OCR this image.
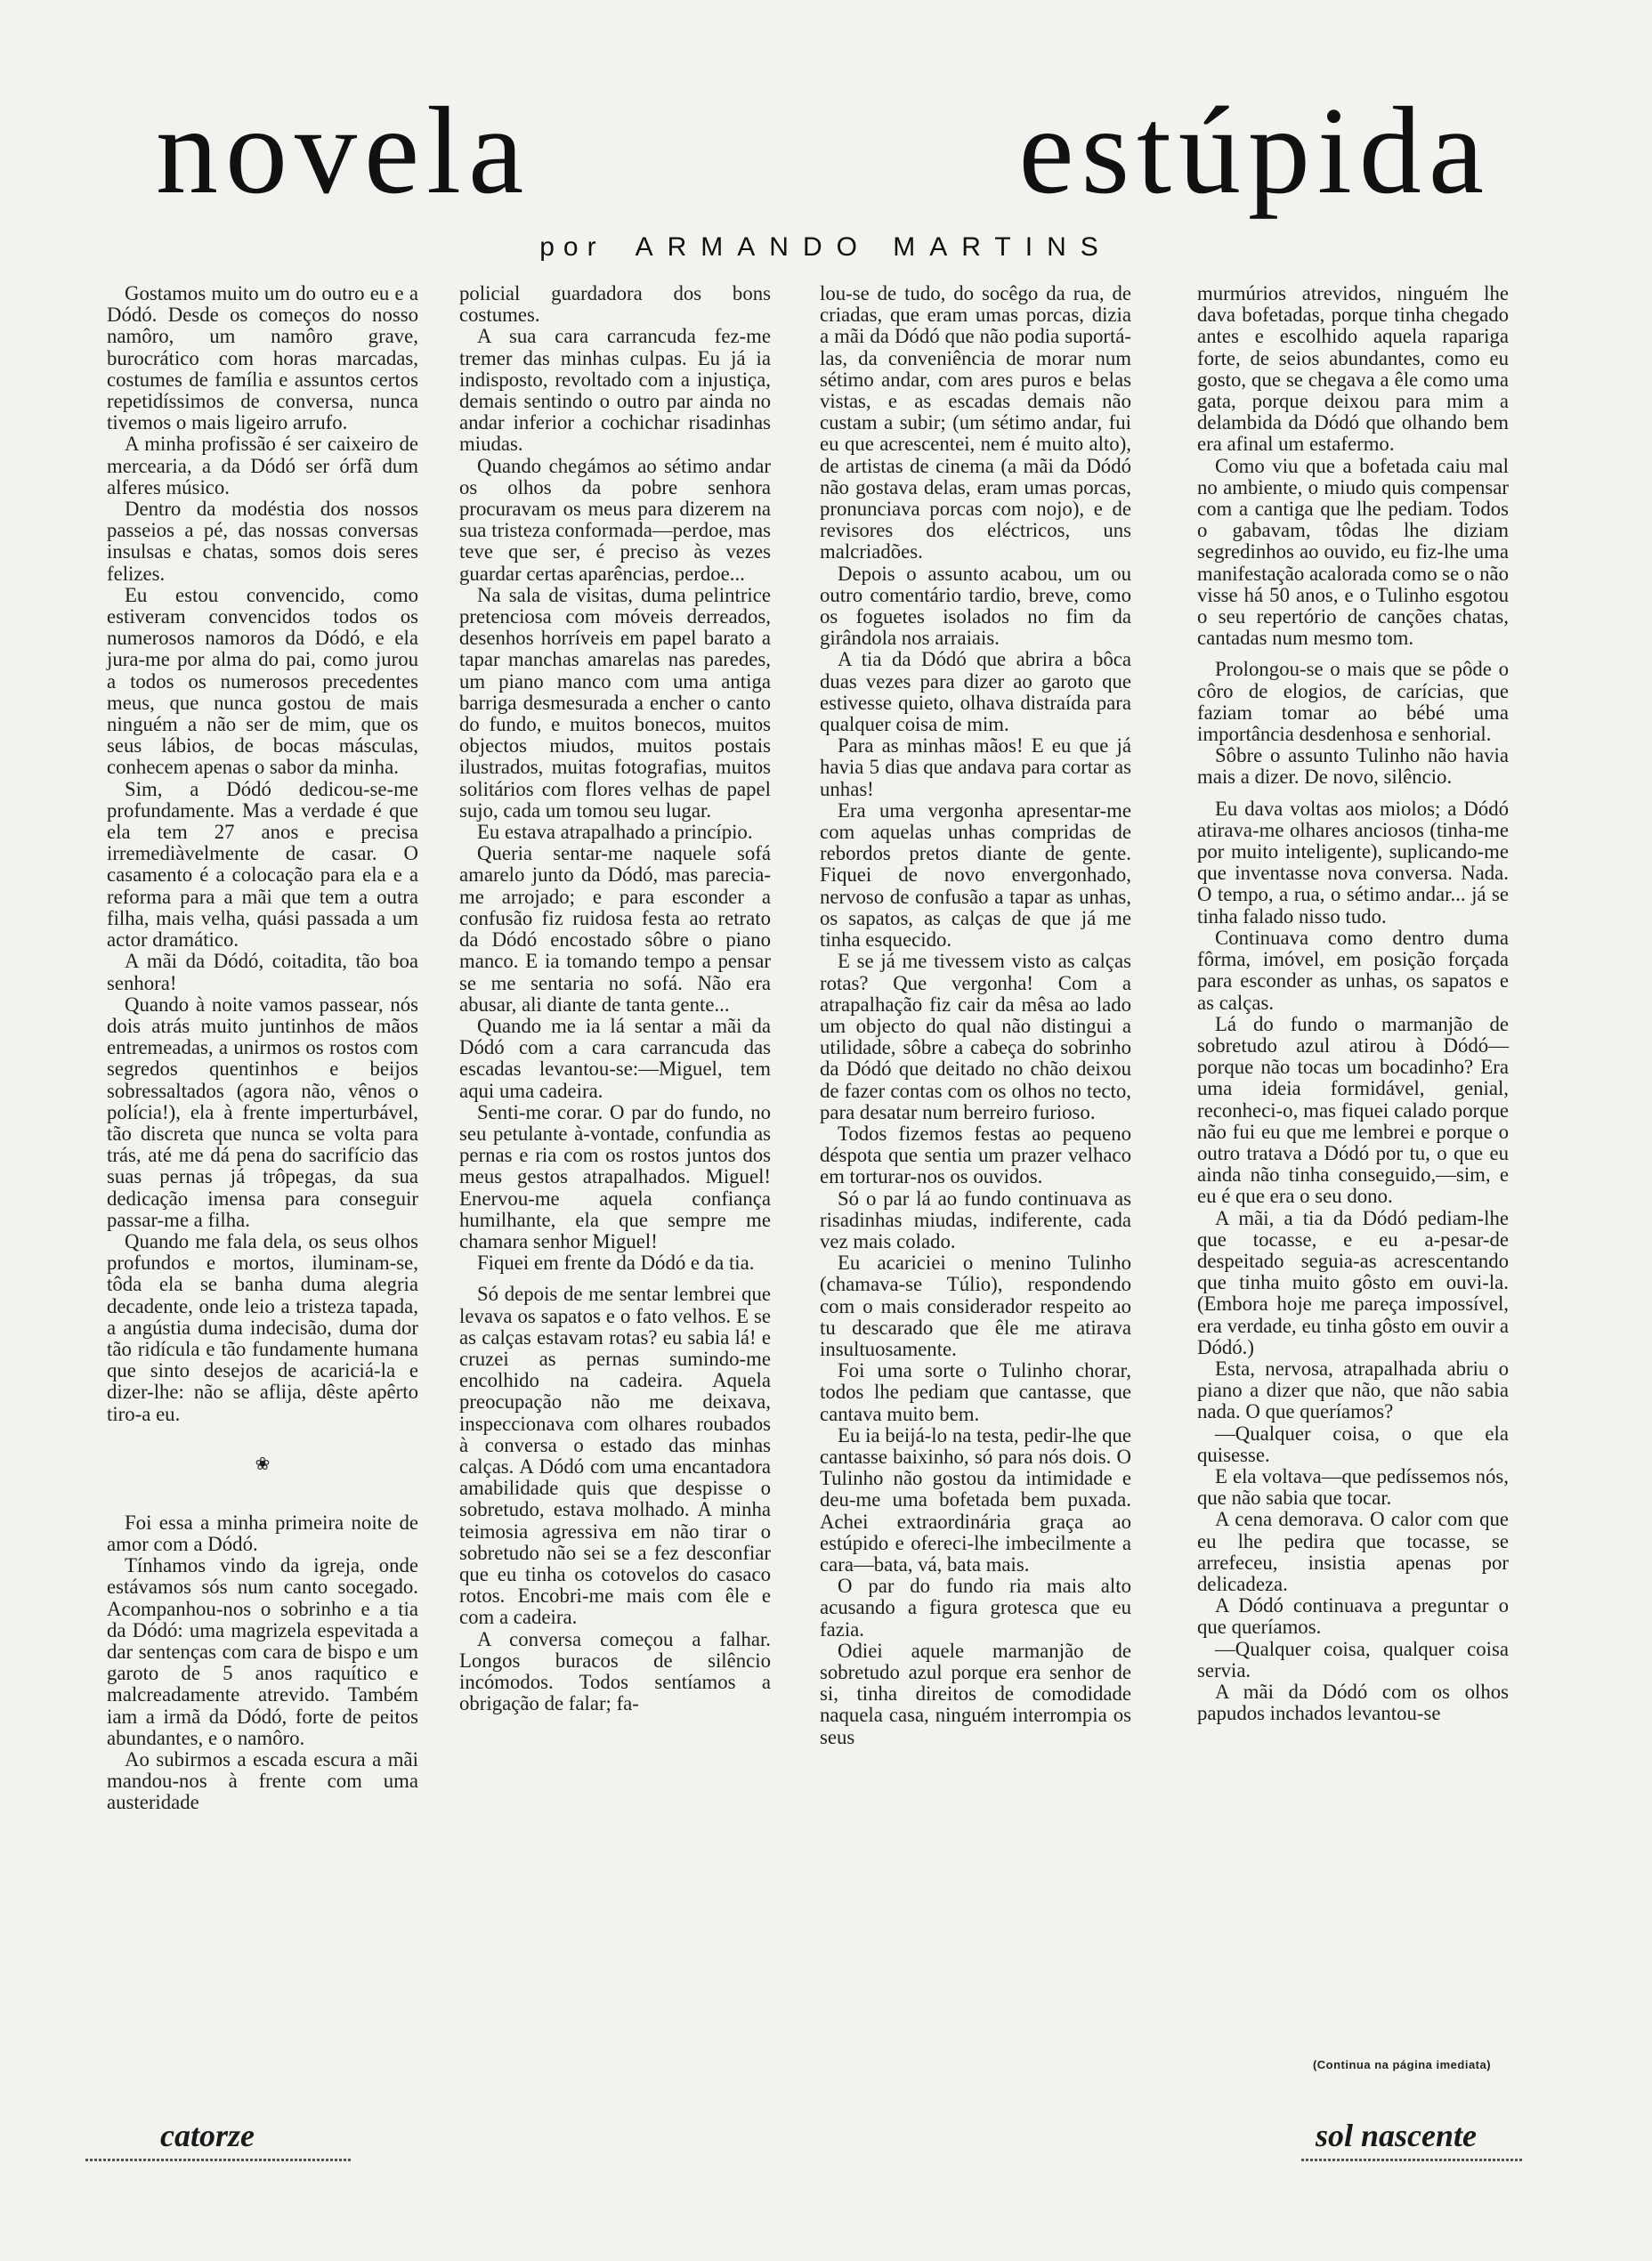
novela estúpida
por ARMANDO MARTINS

Gostamos muito um do outro eu e a Dódó. Desde os começos do nosso namôro, um namôro grave, burocrático com horas marcadas, costumes de família e assuntos certos repetidíssimos de conversa, nunca tivemos o mais ligeiro arrufo.

A minha profissão é ser caixeiro de mercearia, a da Dódó ser órfã dum alferes músico.

Dentro da modéstia dos nossos passeios a pé, das nossas conversas insulsas e chatas, somos dois seres felizes.

Eu estou convencido, como estiveram convencidos todos os numerosos namoros da Dódó, e ela jura-me por alma do pai, como jurou a todos os numerosos precedentes meus, que nunca gostou de mais ninguém a não ser de mim, que os seus lábios, de bocas másculas, conhecem apenas o sabor da minha.

Sim, a Dódó dedicou-se-me profundamente. Mas a verdade é que ela tem 27 anos e precisa irremediàvelmente de casar. O casamento é a colocação para ela e a reforma para a mãi que tem a outra filha, mais velha, quási passada a um actor dramático.

A mãi da Dódó, coitadita, tão boa senhora!

Quando à noite vamos passear, nós dois atrás muito juntinhos de mãos entremeadas, a unirmos os rostos com segredos quentinhos e beijos sobressaltados (agora não, vênos o polícia!), ela à frente imperturbável, tão discreta que nunca se volta para trás, até me dá pena do sacrifício das suas pernas já trôpegas, da sua dedicação imensa para conseguir passar-me a filha.

Quando me fala dela, os seus olhos profundos e mortos, iluminam-se, tôda ela se banha duma alegria decadente, onde leio a tristeza tapada, a angústia duma indecisão, duma dor tão ridícula e tão fundamente humana que sinto desejos de acariciá-la e dizer-lhe: não se aflija, dêste apêrto tiro-a eu.

❀

Foi essa a minha primeira noite de amor com a Dódó.

Tínhamos vindo da igreja, onde estávamos sós num canto socegado. Acompanhou-nos o sobrinho e a tia da Dódó: uma magrizela espevitada a dar sentenças com cara de bispo e um garoto de 5 anos raquítico e malcreadamente atrevido. Também iam a irmã da Dódó, forte de peitos abundantes, e o namôro.

Ao subirmos a escada escura a mãi mandou-nos à frente com uma austeridade

policial guardadora dos bons costumes.

A sua cara carrancuda fez-me tremer das minhas culpas. Eu já ia indisposto, revoltado com a injustiça, demais sentindo o outro par ainda no andar inferior a cochichar risadinhas miudas.

Quando chegámos ao sétimo andar os olhos da pobre senhora procuravam os meus para dizerem na sua tristeza conformada—perdoe, mas teve que ser, é preciso às vezes guardar certas aparências, perdoe...

Na sala de visitas, duma pelintrice pretenciosa com móveis derreados, desenhos horríveis em papel barato a tapar manchas amarelas nas paredes, um piano manco com uma antiga barriga desmesurada a encher o canto do fundo, e muitos bonecos, muitos objectos miudos, muitos postais ilustrados, muitas fotografias, muitos solitários com flores velhas de papel sujo, cada um tomou seu lugar.

Eu estava atrapalhado a princípio.

Queria sentar-me naquele sofá amarelo junto da Dódó, mas parecia-me arrojado; e para esconder a confusão fiz ruidosa festa ao retrato da Dódó encostado sôbre o piano manco. E ia tomando tempo a pensar se me sentaria no sofá. Não era abusar, ali diante de tanta gente...

Quando me ia lá sentar a mãi da Dódó com a cara carrancuda das escadas levantou-se:—Miguel, tem aqui uma cadeira.

Senti-me corar. O par do fundo, no seu petulante à-vontade, confundia as pernas e ria com os rostos juntos dos meus gestos atrapalhados. Miguel! Enervou-me aquela confiança humilhante, ela que sempre me chamara senhor Miguel!

Fiquei em frente da Dódó e da tia.

Só depois de me sentar lembrei que levava os sapatos e o fato velhos. E se as calças estavam rotas? eu sabia lá! e cruzei as pernas sumindo-me encolhido na cadeira. Aquela preocupação não me deixava, inspeccionava com olhares roubados à conversa o estado das minhas calças. A Dódó com uma encantadora amabilidade quis que despisse o sobretudo, estava molhado. A minha teimosia agressiva em não tirar o sobretudo não sei se a fez desconfiar que eu tinha os cotovelos do casaco rotos. Encobri-me mais com êle e com a cadeira.

A conversa começou a falhar. Longos buracos de silêncio incómodos. Todos sentíamos a obrigação de falar; fa-

lou-se de tudo, do socêgo da rua, de criadas, que eram umas porcas, dizia a mãi da Dódó que não podia suportá-las, da conveniência de morar num sétimo andar, com ares puros e belas vistas, e as escadas demais não custam a subir; (um sétimo andar, fui eu que acrescentei, nem é muito alto), de artistas de cinema (a mãi da Dódó não gostava delas, eram umas porcas, pronunciava porcas com nojo), e de revisores dos eléctricos, uns malcriadões.

Depois o assunto acabou, um ou outro comentário tardio, breve, como os foguetes isolados no fim da girândola nos arraiais.

A tia da Dódó que abrira a bôca duas vezes para dizer ao garoto que estivesse quieto, olhava distraída para qualquer coisa de mim.

Para as minhas mãos! E eu que já havia 5 dias que andava para cortar as unhas!

Era uma vergonha apresentar-me com aquelas unhas compridas de rebordos pretos diante de gente. Fiquei de novo envergonhado, nervoso de confusão a tapar as unhas, os sapatos, as calças de que já me tinha esquecido.

E se já me tivessem visto as calças rotas? Que vergonha! Com a atrapalhação fiz cair da mêsa ao lado um objecto do qual não distingui a utilidade, sôbre a cabeça do sobrinho da Dódó que deitado no chão deixou de fazer contas com os olhos no tecto, para desatar num berreiro furioso.

Todos fizemos festas ao pequeno déspota que sentia um prazer velhaco em torturar-nos os ouvidos.

Só o par lá ao fundo continuava as risadinhas miudas, indiferente, cada vez mais colado.

Eu acariciei o menino Tulinho (chamava-se Túlio), respondendo com o mais considerador respeito ao tu descarado que êle me atirava insultuosamente.

Foi uma sorte o Tulinho chorar, todos lhe pediam que cantasse, que cantava muito bem.

Eu ia beijá-lo na testa, pedir-lhe que cantasse baixinho, só para nós dois. O Tulinho não gostou da intimidade e deu-me uma bofetada bem puxada. Achei extraordinária graça ao estúpido e ofereci-lhe imbecilmente a cara—bata, vá, bata mais.

O par do fundo ria mais alto acusando a figura grotesca que eu fazia.

Odiei aquele marmanjão de sobretudo azul porque era senhor de si, tinha direitos de comodidade naquela casa, ninguém interrompia os seus

murmúrios atrevidos, ninguém lhe dava bofetadas, porque tinha chegado antes e escolhido aquela rapariga forte, de seios abundantes, como eu gosto, que se chegava a êle como uma gata, porque deixou para mim a delambida da Dódó que olhando bem era afinal um estafermo.

Como viu que a bofetada caiu mal no ambiente, o miudo quis compensar com a cantiga que lhe pediam. Todos o gabavam, tôdas lhe diziam segredinhos ao ouvido, eu fiz-lhe uma manifestação acalorada como se o não visse há 50 anos, e o Tulinho esgotou o seu repertório de canções chatas, cantadas num mesmo tom.

Prolongou-se o mais que se pôde o côro de elogios, de carícias, que faziam tomar ao bébé uma importância desdenhosa e senhorial.

Sôbre o assunto Tulinho não havia mais a dizer. De novo, silêncio.

Eu dava voltas aos miolos; a Dódó atirava-me olhares anciosos (tinha-me por muito inteligente), suplicando-me que inventasse nova conversa. Nada. O tempo, a rua, o sétimo andar... já se tinha falado nisso tudo.

Continuava como dentro duma fôrma, imóvel, em posição forçada para esconder as unhas, os sapatos e as calças.

Lá do fundo o marmanjão de sobretudo azul atirou à Dódó—porque não tocas um bocadinho? Era uma ideia formidável, genial, reconheci-o, mas fiquei calado porque não fui eu que me lembrei e porque o outro tratava a Dódó por tu, o que eu ainda não tinha conseguido,—sim, e eu é que era o seu dono.

A mãi, a tia da Dódó pediam-lhe que tocasse, e eu a-pesar-de despeitado seguia-as acrescentando que tinha muito gôsto em ouvi-la. (Embora hoje me pareça impossível, era verdade, eu tinha gôsto em ouvir a Dódó.)

Esta, nervosa, atrapalhada abriu o piano a dizer que não, que não sabia nada. O que queríamos?

—Qualquer coisa, o que ela quisesse.

E ela voltava—que pedíssemos nós, que não sabia que tocar.

A cena demorava. O calor com que eu lhe pedira que tocasse, se arrefeceu, insistia apenas por delicadeza.

A Dódó continuava a preguntar o que queríamos.

—Qualquer coisa, qualquer coisa servia.

A mãi da Dódó com os olhos papudos inchados levantou-se

(Continua na página imediata)
catorze	sol nascente
